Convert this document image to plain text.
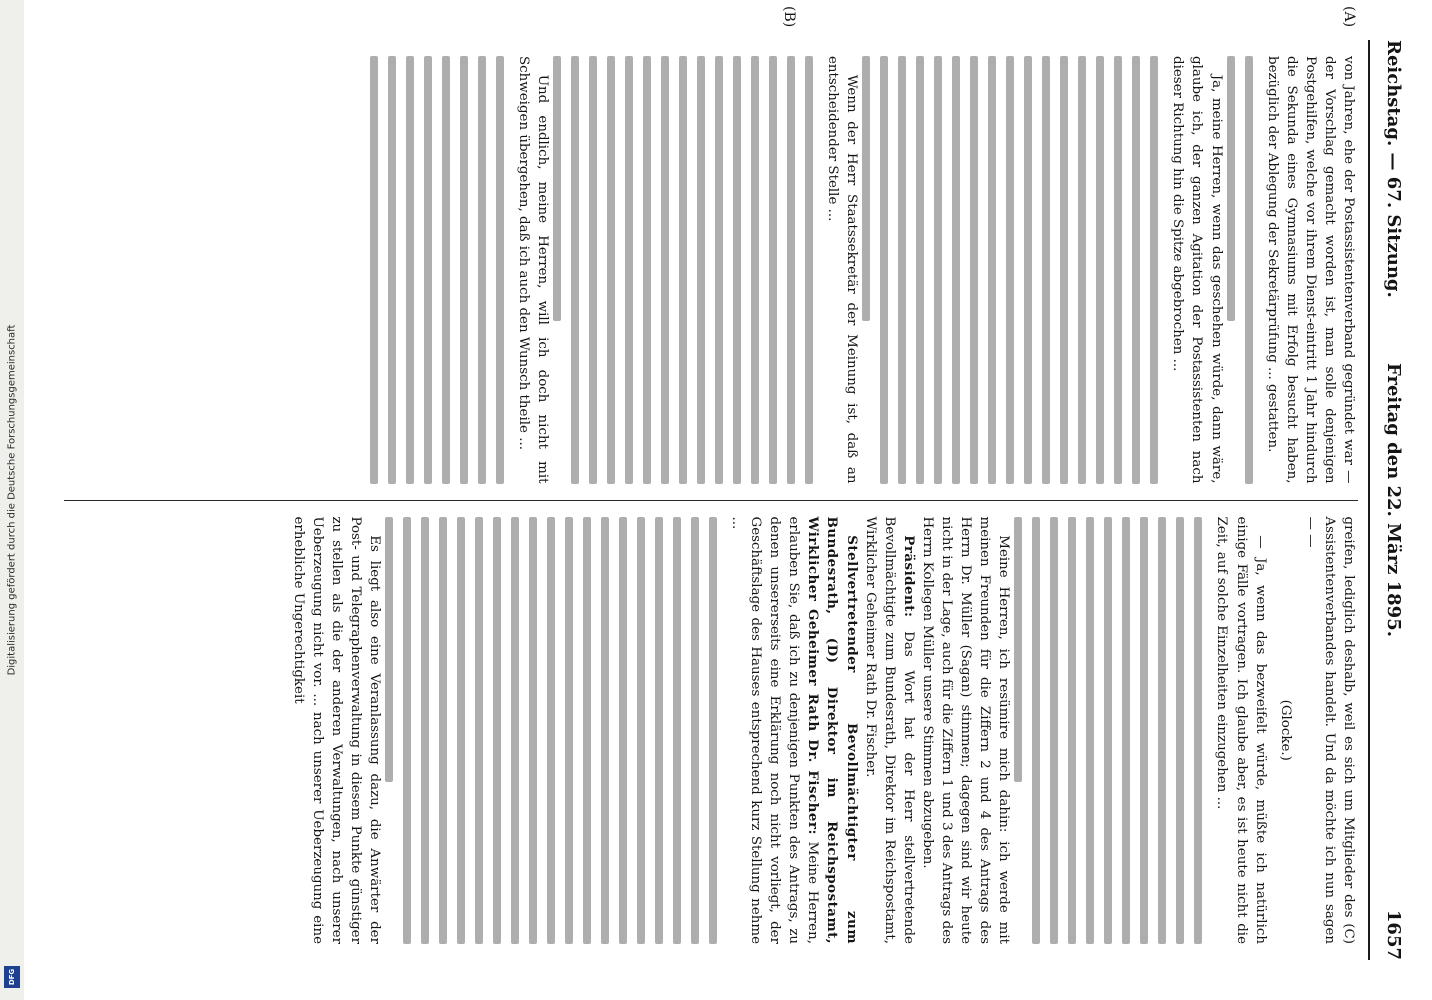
Digitalisierung gefördert durch die Deutsche Forschungsgemeinschaft
DFG
Reichstag. — 67. Sitzung.
Freitag den 22. März 1895.
1657
(A)
(B)

von Jahren, ehe der Postassistentenverband gegründet war — der Vorschlag gemacht worden ist, man solle denjenigen Postgehilfen, welche vor ihrem Dienst-eintritt 1 Jahr hindurch die Sekunda eines Gymnasiums mit Erfolg besucht haben, bezüglich der Ablegung der Sekretärprüfung ... gestatten.

Ja, meine Herren, wenn das geschehen würde, dann wäre, glaube ich, der ganzen Agitation der Postassistenten nach dieser Richtung hin die Spitze abgebrochen ...

Wenn der Herr Staatssekretär der Meinung ist, daß an entscheidender Stelle ...

Und endlich, meine Herren, will ich doch nicht mit Schweigen übergehen, daß ich auch den Wunsch theile ...

greifen, lediglich deshalb, weil es sich um Mitglieder des (C) Assistentenverbandes handelt. Und da möchte ich nun sagen — —

(Glocke.)

— Ja, wenn das bezweifelt würde, müßte ich natürlich einige Fälle vortragen. Ich glaube aber, es ist heute nicht die Zeit, auf solche Einzelheiten einzugehen ...

Meine Herren, ich resümire mich dahin: ich werde mit meinen Freunden für die Ziffern 2 und 4 des Antrags des Herrn Dr. Müller (Sagan) stimmen; dagegen sind wir heute nicht in der Lage, auch für die Ziffern 1 und 3 des Antrags des Herrn Kollegen Müller unsere Stimmen abzugeben.

Präsident: Das Wort hat der Herr stellvertretende Bevollmächtigte zum Bundesrath, Direktor im Reichspostamt, Wirklicher Geheimer Rath Dr. Fischer.

Stellvertretender Bevollmächtigter zum Bundesrath, (D) Direktor im Reichspostamt, Wirklicher Geheimer Rath Dr. Fischer: Meine Herren, erlauben Sie, daß ich zu denjenigen Punkten des Antrags, zu denen unsererseits eine Erklärung noch nicht vorliegt, der Geschäftslage des Hauses entsprechend kurz Stellung nehme ...

Es liegt also eine Veranlassung dazu, die Anwärter der Post- und Telegraphenverwaltung in diesem Punkte günstiger zu stellen als die der anderen Verwaltungen, nach unserer Ueberzeugung nicht vor. ... nach unserer Ueberzeugung eine erhebliche Ungerechtigkeit
